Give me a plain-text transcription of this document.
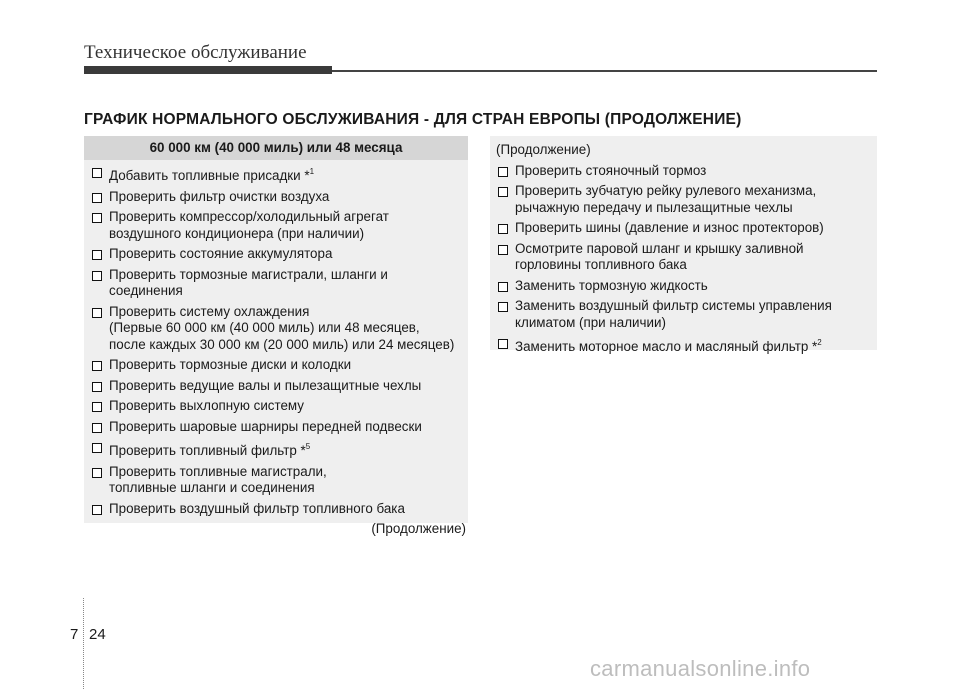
Техническое обслуживание
ГРАФИК НОРМАЛЬНОГО ОБСЛУЖИВАНИЯ - ДЛЯ СТРАН ЕВРОПЫ (ПРОДОЛЖЕНИЕ)
60 000 км (40 000 миль) или 48 месяца
Добавить топливные присадки *$^1$
Проверить фильтр очистки воздуха
Проверить компрессор/холодильный агрегат
воздушного кондиционера (при наличии)
Проверить состояние аккумулятора
Проверить тормозные магистрали, шланги и соединения
Проверить систему охлаждения
(Первые 60 000 км (40 000 миль) или 48 месяцев,
после каждых 30 000 км (20 000 миль) или 24 месяцев)
Проверить тормозные диски и колодки
Проверить ведущие валы и пылезащитные чехлы
Проверить выхлопную систему
Проверить шаровые шарниры передней подвески
Проверить топливный фильтр *$^5$
Проверить топливные магистрали,
топливные шланги и соединения
Проверить воздушный фильтр топливного бака
(Продолжение)
(Продолжение)
Проверить стояночный тормоз
Проверить зубчатую рейку рулевого механизма,
рычажную передачу и пылезащитные чехлы
Проверить шины (давление и износ протекторов)
Осмотрите паровой шланг и крышку заливной
горловины топливного бака
Заменить тормозную жидкость
Заменить воздушный фильтр системы управления
климатом (при наличии)
Заменить моторное масло и масляный фильтр *$^2$
7 24
carmanualsonline.info
